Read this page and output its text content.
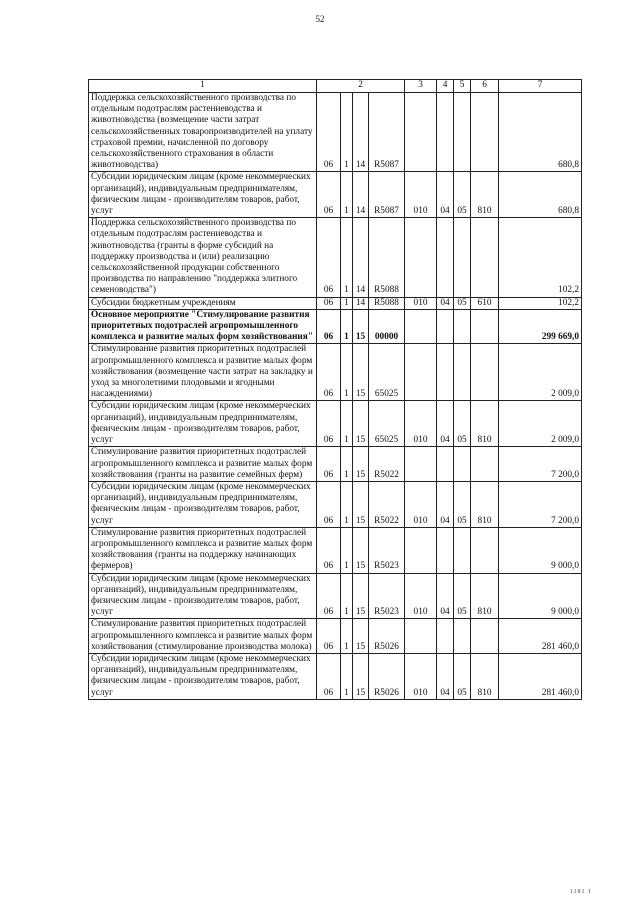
52
1	2				3	4	5	6	7
Поддержка сельскохозяйственного производства по отдельным подотраслям растениеводства и животноводства (возмещение части затрат сельскохозяйственных товаропроизводителей на уплату страховой премии, начисленной по договору сельскохозяйственного страхования в области животноводства)	06	1	14	R5087					680,8
Субсидии юридическим лицам (кроме некоммерческих организаций), индивидуальным предпринимателям, физическим лицам - производителям товаров, работ, услуг	06	1	14	R5087	010	04	05	810	680,8
Поддержка сельскохозяйственного производства по отдельным подотраслям растениеводства и животноводства (гранты в форме субсидий на поддержку производства и (или) реализацию сельскохозяйственной продукции собственного производства по направлению "поддержка элитного семеноводства")	06	1	14	R5088					102,2
Субсидии бюджетным учреждениям	06	1	14	R5088	010	04	05	610	102,2
Основное мероприятие "Стимулирование развития приоритетных подотраслей агропромышленного комплекса и развитие малых форм хозяйствования"	06	1	15	00000					299 669,0
Стимулирование развития приоритетных подотраслей агропромышленного комплекса и развитие малых форм хозяйствования (возмещение части затрат на закладку и уход за многолетними плодовыми и ягодными насаждениями)	06	1	15	65025					2 009,0
Субсидии юридическим лицам (кроме некоммерческих организаций), индивидуальным предпринимателям, физическим лицам - производителям товаров, работ, услуг	06	1	15	65025	010	04	05	810	2 009,0
Стимулирование развития приоритетных подотраслей агропромышленного комплекса и развитие малых форм хозяйствования (гранты на развитие семейных ферм)	06	1	15	R5022					7 200,0
Субсидии юридическим лицам (кроме некоммерческих организаций), индивидуальным предпринимателям, физическим лицам - производителям товаров, работ, услуг	06	1	15	R5022	010	04	05	810	7 200,0
Стимулирование развития приоритетных подотраслей агропромышленного комплекса и развитие малых форм хозяйствования (гранты на поддержку начинающих фермеров)	06	1	15	R5023					9 000,0
Субсидии юридическим лицам (кроме некоммерческих организаций), индивидуальным предпринимателям, физическим лицам - производителям товаров, работ, услуг	06	1	15	R5023	010	04	05	810	9 000,0
Стимулирование развития приоритетных подотраслей агропромышленного комплекса и развитие малых форм хозяйствования (стимулирование производства молока)	06	1	15	R5026					281 460,0
Субсидии юридическим лицам (кроме некоммерческих организаций), индивидуальным предпринимателям, физическим лицам - производителям товаров, работ, услуг	06	1	15	R5026	010	04	05	810	281 460,0
1181 1
